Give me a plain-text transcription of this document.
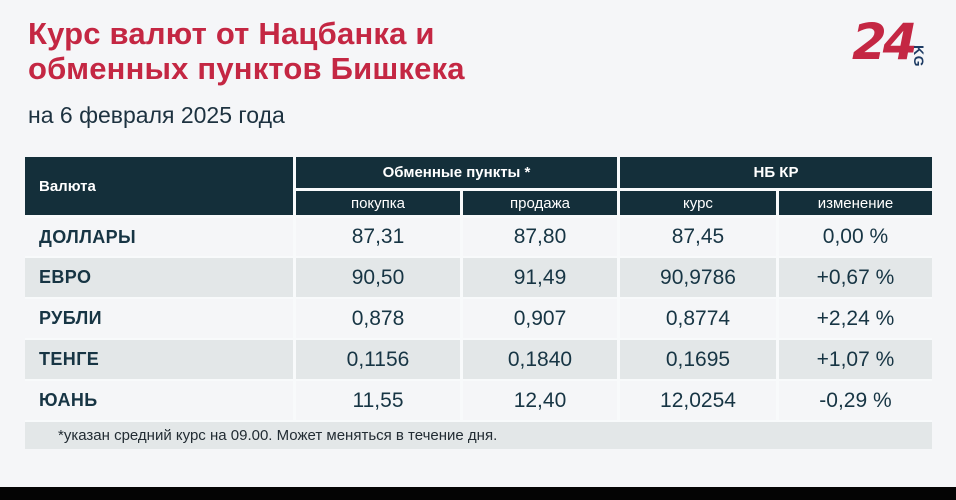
Курс валют от Нацбанка и
обменных пунктов Бишкека
на 6 февраля 2025 года
24
KG
Валюта	Обменные пункты *		НБ КР	
	покупка	продажа	курс	изменение
ДОЛЛАРЫ	87,31	87,80	87,45	0,00 %
ЕВРО	90,50	91,49	90,9786	+0,67 %
РУБЛИ	0,878	0,907	0,8774	+2,24 %
ТЕНГЕ	0,1156	0,1840	0,1695	+1,07 %
ЮАНЬ	11,55	12,40	12,0254	-0,29 %
*указан средний курс на 09.00. Может меняться в течение дня.				
